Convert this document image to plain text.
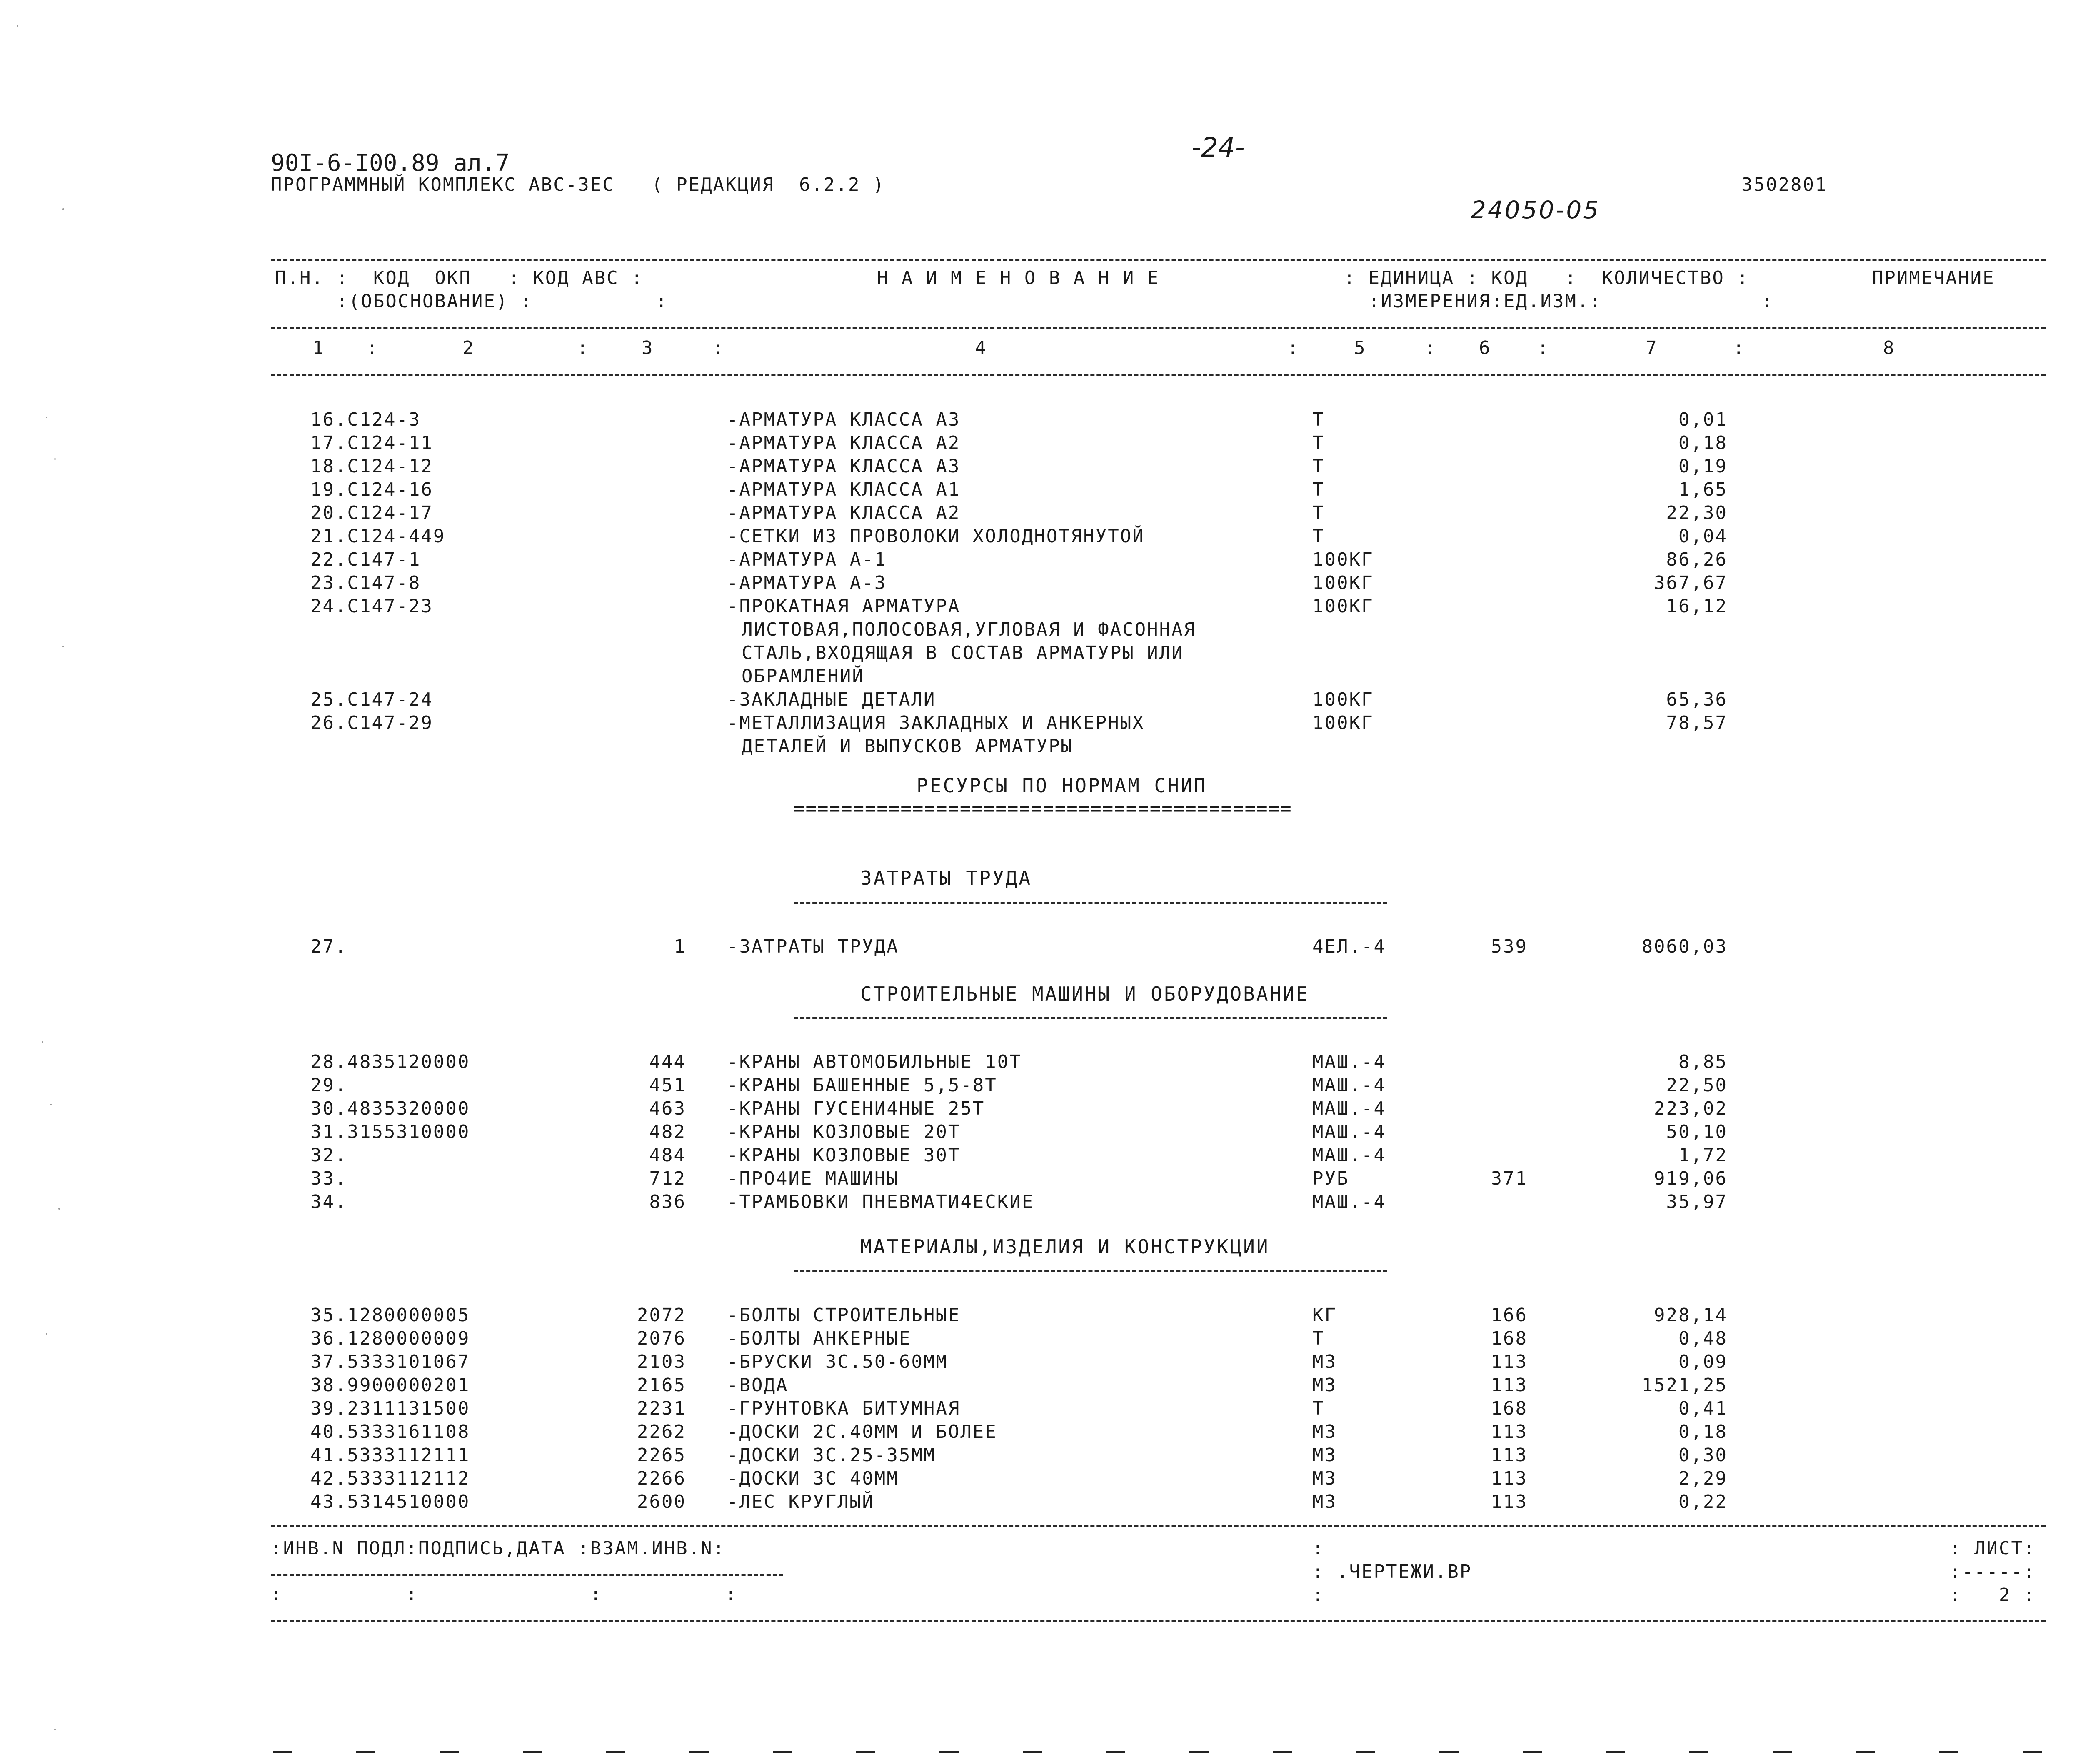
90I-6-I00.89 ал.7
ПРОГРАММНЫЙ КОМПЛЕКС АВС-ЗЕС   ( РЕДАКЦИЯ  6.2.2 )
-24-
24050-05
3502801
П.Н. :  КОД  ОКП   : КОД АВС :                   Н А И М Е Н О В А Н И Е               : ЕДИНИЦА : КОД   :  КОЛИЧЕСТВО :          ПРИМЕЧАНИЕ
:(ОБОСНОВАНИЕ) :          :                                                         :ИЗМЕРЕНИЯ:ЕД.ИЗМ.:             :
1 :	2	:	3	:	4	:	5	: 6	:	7	:	8
16.С124-3	-АРМАТУРА КЛАССА А3	Т	0,01
17.С124-11	-АРМАТУРА КЛАССА А2	Т	0,18
18.С124-12	-АРМАТУРА КЛАССА А3	Т	0,19
19.С124-16	-АРМАТУРА КЛАССА А1	Т	1,65
20.С124-17	-АРМАТУРА КЛАССА А2	Т	22,30
21.С124-449	-СЕТКИ ИЗ ПРОВОЛОКИ ХОЛОДНОТЯНУТОЙ	Т	0,04
22.С147-1	-АРМАТУРА А-1	100КГ	86,26
23.С147-8	-АРМАТУРА А-3	100КГ	367,67
24.С147-23	-ПРОКАТНАЯ АРМАТУРА	100КГ	16,12
ЛИСТОВАЯ,ПОЛОСОВАЯ,УГЛОВАЯ И ФАСОННАЯ
СТАЛЬ,ВХОДЯЩАЯ В СОСТАВ АРМАТУРЫ ИЛИ
ОБРАМЛЕНИЙ
25.С147-24	-ЗАКЛАДНЫЕ ДЕТАЛИ	100КГ	65,36
26.С147-29	-МЕТАЛЛИЗАЦИЯ ЗАКЛАДНЫХ И АНКЕРНЫХ	100КГ	78,57
ДЕТАЛЕЙ И ВЫПУСКОВ АРМАТУРЫ
РЕСУРСЫ ПО НОРМАМ СНИП
==========================================
ЗАТРАТЫ ТРУДА
27.	1 -ЗАТРАТЫ ТРУДА	4ЕЛ.-4	539	8060,03
СТРОИТЕЛЬНЫЕ МАШИНЫ И ОБОРУДОВАНИЕ
28.4835120000	444 -КРАНЫ АВТОМОБИЛЬНЫЕ 10Т	МАШ.-4	8,85
29.	451 -КРАНЫ БАШЕННЫЕ 5,5-8Т	МАШ.-4	22,50
30.4835320000	463 -КРАНЫ ГУСЕНИ4НЫЕ 25Т	МАШ.-4	223,02
31.3155310000	482 -КРАНЫ КОЗЛОВЫЕ 20Т	МАШ.-4	50,10
32.	484 -КРАНЫ КОЗЛОВЫЕ 30Т	МАШ.-4	1,72
33.	712 -ПРО4ИЕ МАШИНЫ	РУБ	371	919,06
34.	836 -ТРАМБОВКИ ПНЕВМАТИ4ЕСКИЕ	МАШ.-4	35,97
МАТЕРИАЛЫ,ИЗДЕЛИЯ И КОНСТРУКЦИИ
35.1280000005	2072 -БОЛТЫ СТРОИТЕЛЬНЫЕ	КГ	166	928,14
36.1280000009	2076 -БОЛТЫ АНКЕРНЫЕ	Т	168	0,48
37.5333101067	2103 -БРУСКИ 3С.50-60ММ	М3	113	0,09
38.9900000201	2165 -ВОДА	М3	113	1521,25
39.2311131500	2231 -ГРУНТОВКА БИТУМНАЯ	Т	168	0,41
40.5333161108	2262 -ДОСКИ 2С.40ММ И БОЛЕЕ	М3	113	0,18
41.5333112111	2265 -ДОСКИ 3С.25-35ММ	М3	113	0,30
42.5333112112	2266 -ДОСКИ 3С 40ММ	М3	113	2,29
43.5314510000	2600 -ЛЕС КРУГЛЫЙ	М3	113	0,22
:ИНВ.N ПОДЛ:ПОДПИСЬ,ДАТА :ВЗАМ.ИНВ.N:
:          :              :          :
:
: .ЧЕРТЕЖИ.ВР
:
: ЛИСТ:
:-----:
:   2 :
